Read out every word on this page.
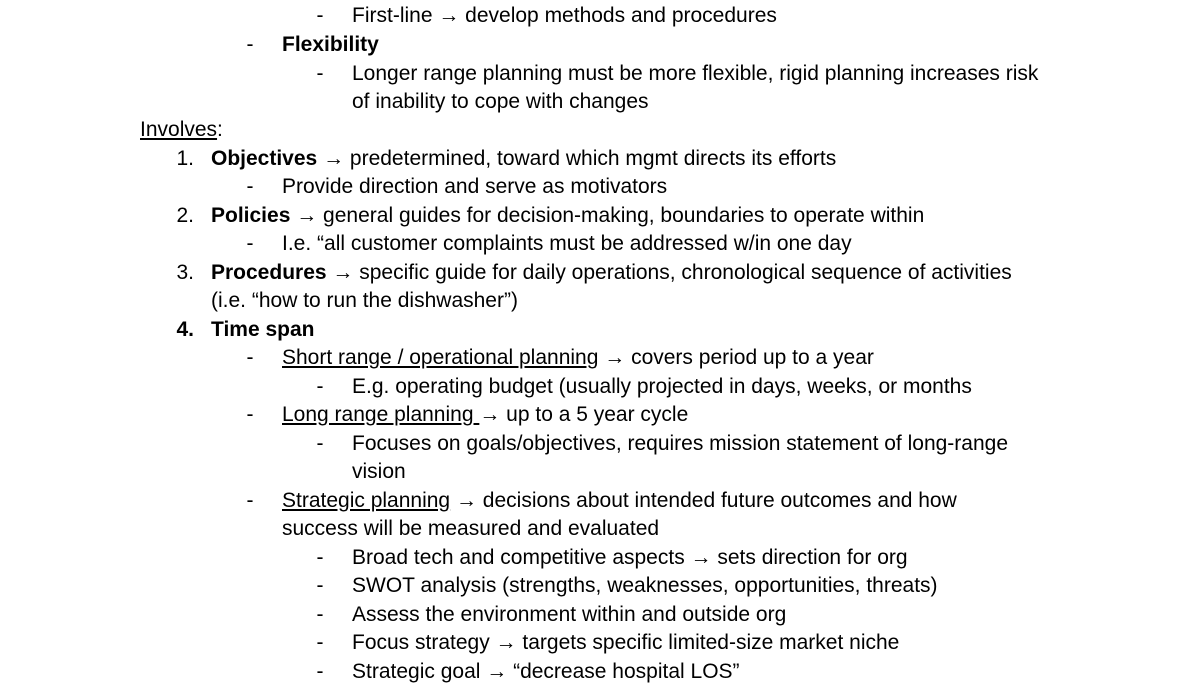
- First-line → develop methods and procedures
- Flexibility
- Longer range planning must be more flexible, rigid planning increases risk
of inability to cope with changes
Involves:
1. Objectives → predetermined, toward which mgmt directs its efforts
- Provide direction and serve as motivators
2. Policies → general guides for decision-making, boundaries to operate within
- I.e. “all customer complaints must be addressed w/in one day
3. Procedures → specific guide for daily operations, chronological sequence of activities
(i.e. “how to run the dishwasher”)
4. Time span
- Short range / operational planning → covers period up to a year
- E.g. operating budget (usually projected in days, weeks, or months
- Long range planning → up to a 5 year cycle
- Focuses on goals/objectives, requires mission statement of long-range
vision
- Strategic planning → decisions about intended future outcomes and how
success will be measured and evaluated
- Broad tech and competitive aspects → sets direction for org
- SWOT analysis (strengths, weaknesses, opportunities, threats)
- Assess the environment within and outside org
- Focus strategy → targets specific limited-size market niche
- Strategic goal → “decrease hospital LOS”
